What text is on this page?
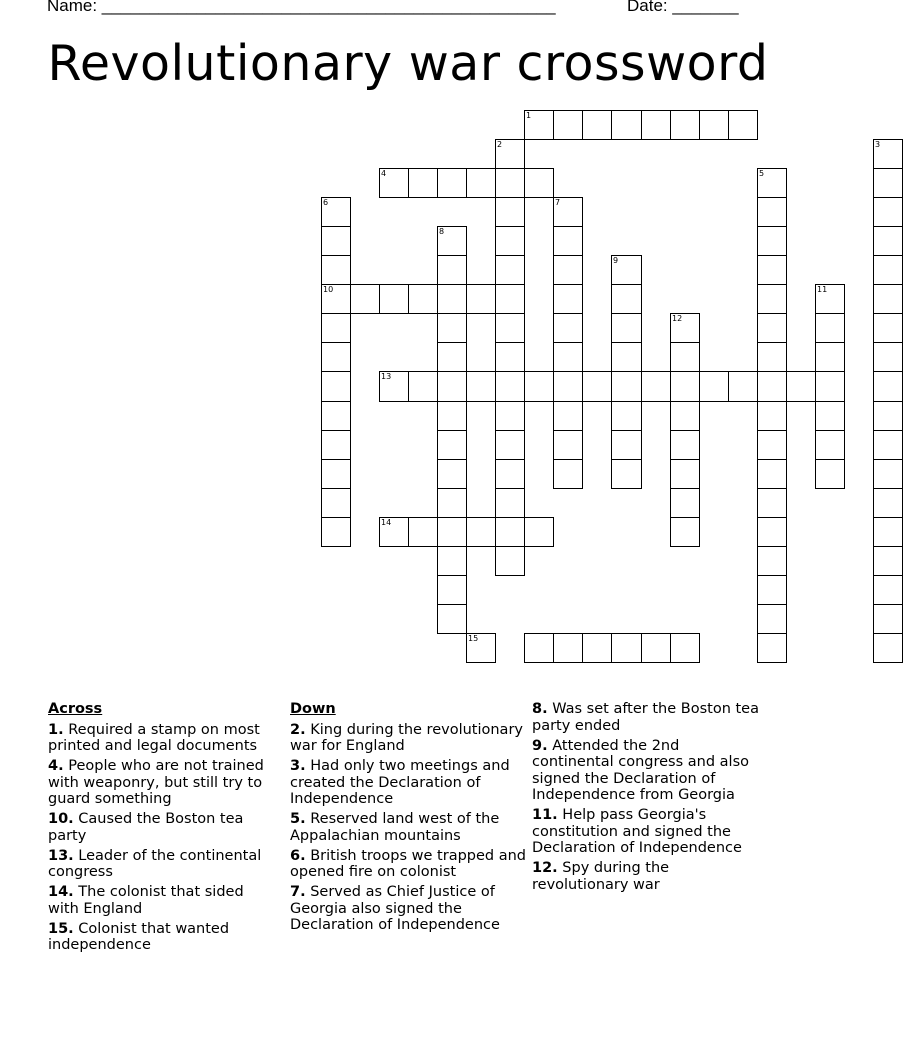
Name: ________________________________________________	Date: _______
Revolutionary war crossword
1
2	3
4	5
6
10
7
8
9
11
12
13
14
15
Across
1. Required a stamp on most printed and legal documents
4. People who are not trained with weaponry, but still try to guard something
10. Caused the Boston tea party
13. Leader of the continental congress
14. The colonist that sided with England
15. Colonist that wanted independence
Down
2. King during the revolutionary war for England
3. Had only two meetings and created the Declaration of Independence
5. Reserved land west of the Appalachian mountains
6. British troops we trapped and opened fire on colonist
7. Served as Chief Justice of Georgia also signed the Declaration of Independence
8. Was set after the Boston tea party ended
9. Attended the 2nd continental congress and also signed the Declaration of Independence from Georgia
11. Help pass Georgia's constitution and signed the Declaration of Independence
12. Spy during the revolutionary war
